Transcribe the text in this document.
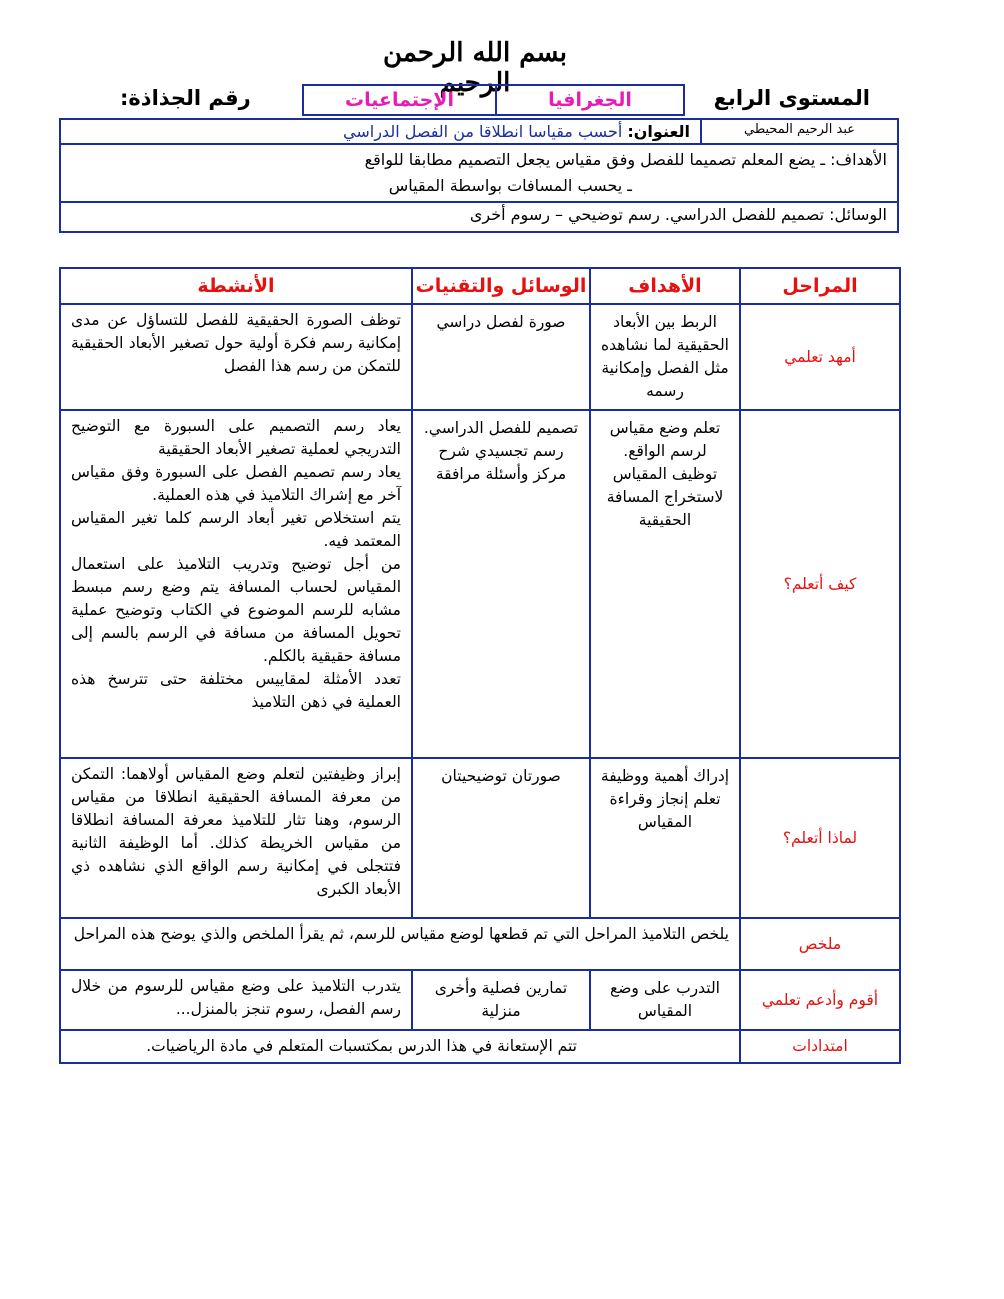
بسم الله الرحمن الرحيم	المستوى الرابع
الإجتماعيات	الجغرافيا
رقم الجذاذة:
عبد الرحيم المحيطي	العنوان: أحسب مقياسا انطلاقا من الفصل الدراسي

الأهداف: ـ يضع المعلم تصميما للفصل وفق مقياس يجعل التصميم مطابقا للواقع
ـ يحسب المسافات بواسطة المقياس

الوسائل: تصميم للفصل الدراسي. رسم توضيحي – رسوم أخرى
المراحل	الأهداف	الوسائل والتقنيات	الأنشطة
أمهد تعلمي	الربط بين الأبعاد الحقيقية لما نشاهده مثل الفصل وإمكانية رسمه	صورة لفصل دراسي	توظف الصورة الحقيقية للفصل للتساؤل عن مدى إمكانية رسم فكرة أولية حول تصغير الأبعاد الحقيقية للتمكن من رسم هذا الفصل
كيف أتعلم؟	تعلم وضع مقياس لرسم الواقع. توظيف المقياس لاستخراج المسافة الحقيقية	تصميم للفصل الدراسي. رسم تجسيدي شرح مركز وأسئلة مرافقة	يعاد رسم التصميم على السبورة مع التوضيح التدريجي لعملية تصغير الأبعاد الحقيقية

يعاد رسم تصميم الفصل على السبورة وفق مقياس آخر مع إشراك التلاميذ في هذه العملية.

يتم استخلاص تغير أبعاد الرسم كلما تغير المقياس المعتمد فيه.

من أجل توضيح وتدريب التلاميذ على استعمال المقياس لحساب المسافة يتم وضع رسم مبسط مشابه للرسم الموضوع في الكتاب وتوضيح عملية تحويل المسافة من مسافة في الرسم بالسم إلى مسافة حقيقية بالكلم.

تعدد الأمثلة لمقاييس مختلفة حتى تترسخ هذه العملية في ذهن التلاميذ

لماذا أتعلم؟	إدراك أهمية ووظيفة تعلم إنجاز وقراءة المقياس	صورتان توضيحيتان	إبراز وظيفتين لتعلم وضع المقياس أولاهما: التمكن من معرفة المسافة الحقيقية انطلاقا من مقياس الرسوم، وهنا تثار للتلاميذ معرفة المسافة انطلاقا من مقياس الخريطة كذلك. أما الوظيفة الثانية فتتجلى في إمكانية رسم الواقع الذي نشاهده ذي الأبعاد الكبرى
ملخص	يلخص التلاميذ المراحل التي تم قطعها لوضع مقياس للرسم، ثم يقرأ الملخص والذي يوضح هذه المراحل		
أقوم وأدعم تعلمي	التدرب على وضع المقياس	تمارين فصلية وأخرى منزلية	يتدرب التلاميذ على وضع مقياس للرسوم من خلال رسم الفصل، رسوم تنجز بالمنزل...
امتدادات	تتم الإستعانة في هذا الدرس بمكتسبات المتعلم في مادة الرياضيات.		
